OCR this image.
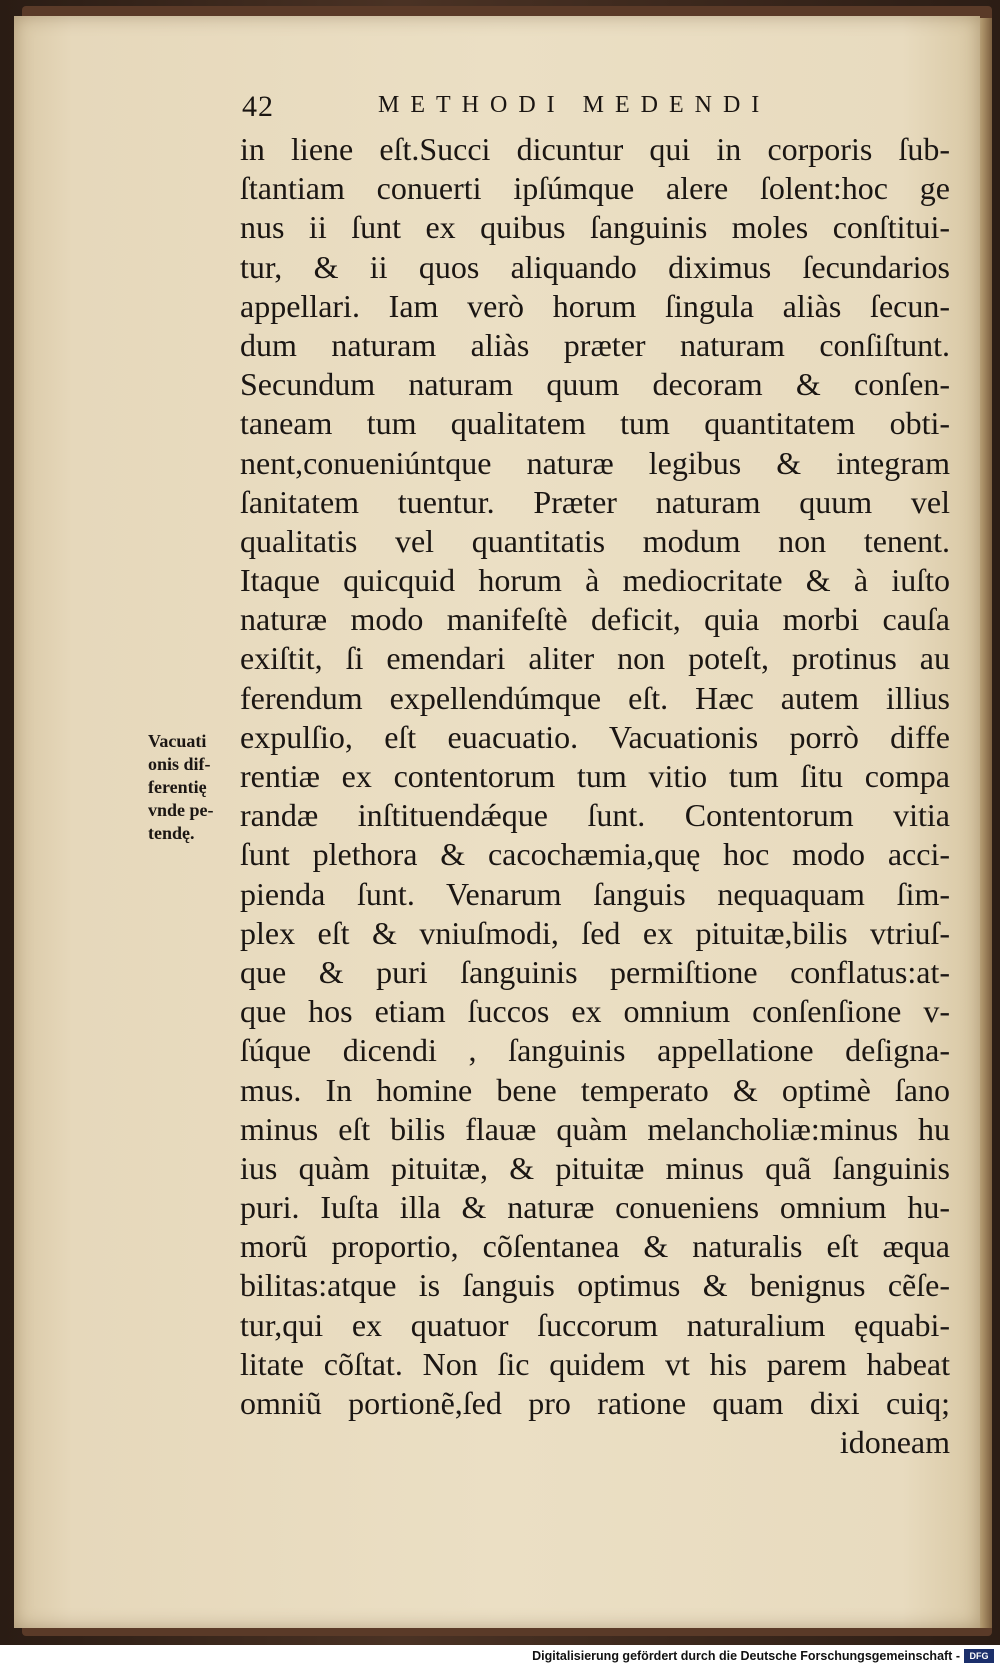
42	METHODI MEDENDI
in liene eſt.Succi dicuntur qui in corporis ſub-
ſtantiam conuerti ipſúmque alere ſolent:hoc ge
nus ii ſunt ex quibus ſanguinis moles conſtitui-
tur, & ii quos aliquando diximus ſecundarios
appellari. Iam verò horum ſingula aliàs ſecun-
dum naturam aliàs præter naturam conſiſtunt.
Secundum naturam quum decoram & conſen-
taneam tum qualitatem tum quantitatem obti-
nent,conueniúntque naturæ legibus & integram
ſanitatem tuentur. Præter naturam quum vel
qualitatis vel quantitatis modum non tenent.
Itaque quicquid horum à mediocritate & à iuſto
naturæ modo manifeſtè deficit, quia morbi cauſa
exiſtit, ſi emendari aliter non poteſt, protinus au
ferendum expellendúmque eſt. Hæc autem illius
expulſio, eſt euacuatio. Vacuationis porrò diffe
rentiæ ex contentorum tum vitio tum ſitu compa
randæ inſtituendǽque ſunt. Contentorum vitia
ſunt plethora & cacochæmia,quę hoc modo acci-
pienda ſunt. Venarum ſanguis nequaquam ſim-
plex eſt & vniuſmodi, ſed ex pituitæ,bilis vtriuſ-
que & puri ſanguinis permiſtione conflatus:at-
que hos etiam ſuccos ex omnium conſenſione v-
ſúque dicendi , ſanguinis appellatione deſigna-
mus. In homine bene temperato & optimè ſano
minus eſt bilis flauæ quàm melancholiæ:minus hu
ius quàm pituitæ, & pituitæ minus quã ſanguinis
puri. Iuſta illa & naturæ conueniens omnium hu-
morũ proportio, cõſentanea & naturalis eſt æqua
bilitas:atque is ſanguis optimus & benignus cẽſe-
tur,qui ex quatuor ſuccorum naturalium ęquabi-
litate cõſtat. Non ſic quidem vt his parem habeat
omniũ portionẽ,ſed pro ratione quam dixi cuiq;
idoneam
Vacuati
onis dif-
ferentię
vnde pe-
tendę.
Digitalisierung gefördert durch die Deutsche Forschungsgemeinschaft -	DFG
